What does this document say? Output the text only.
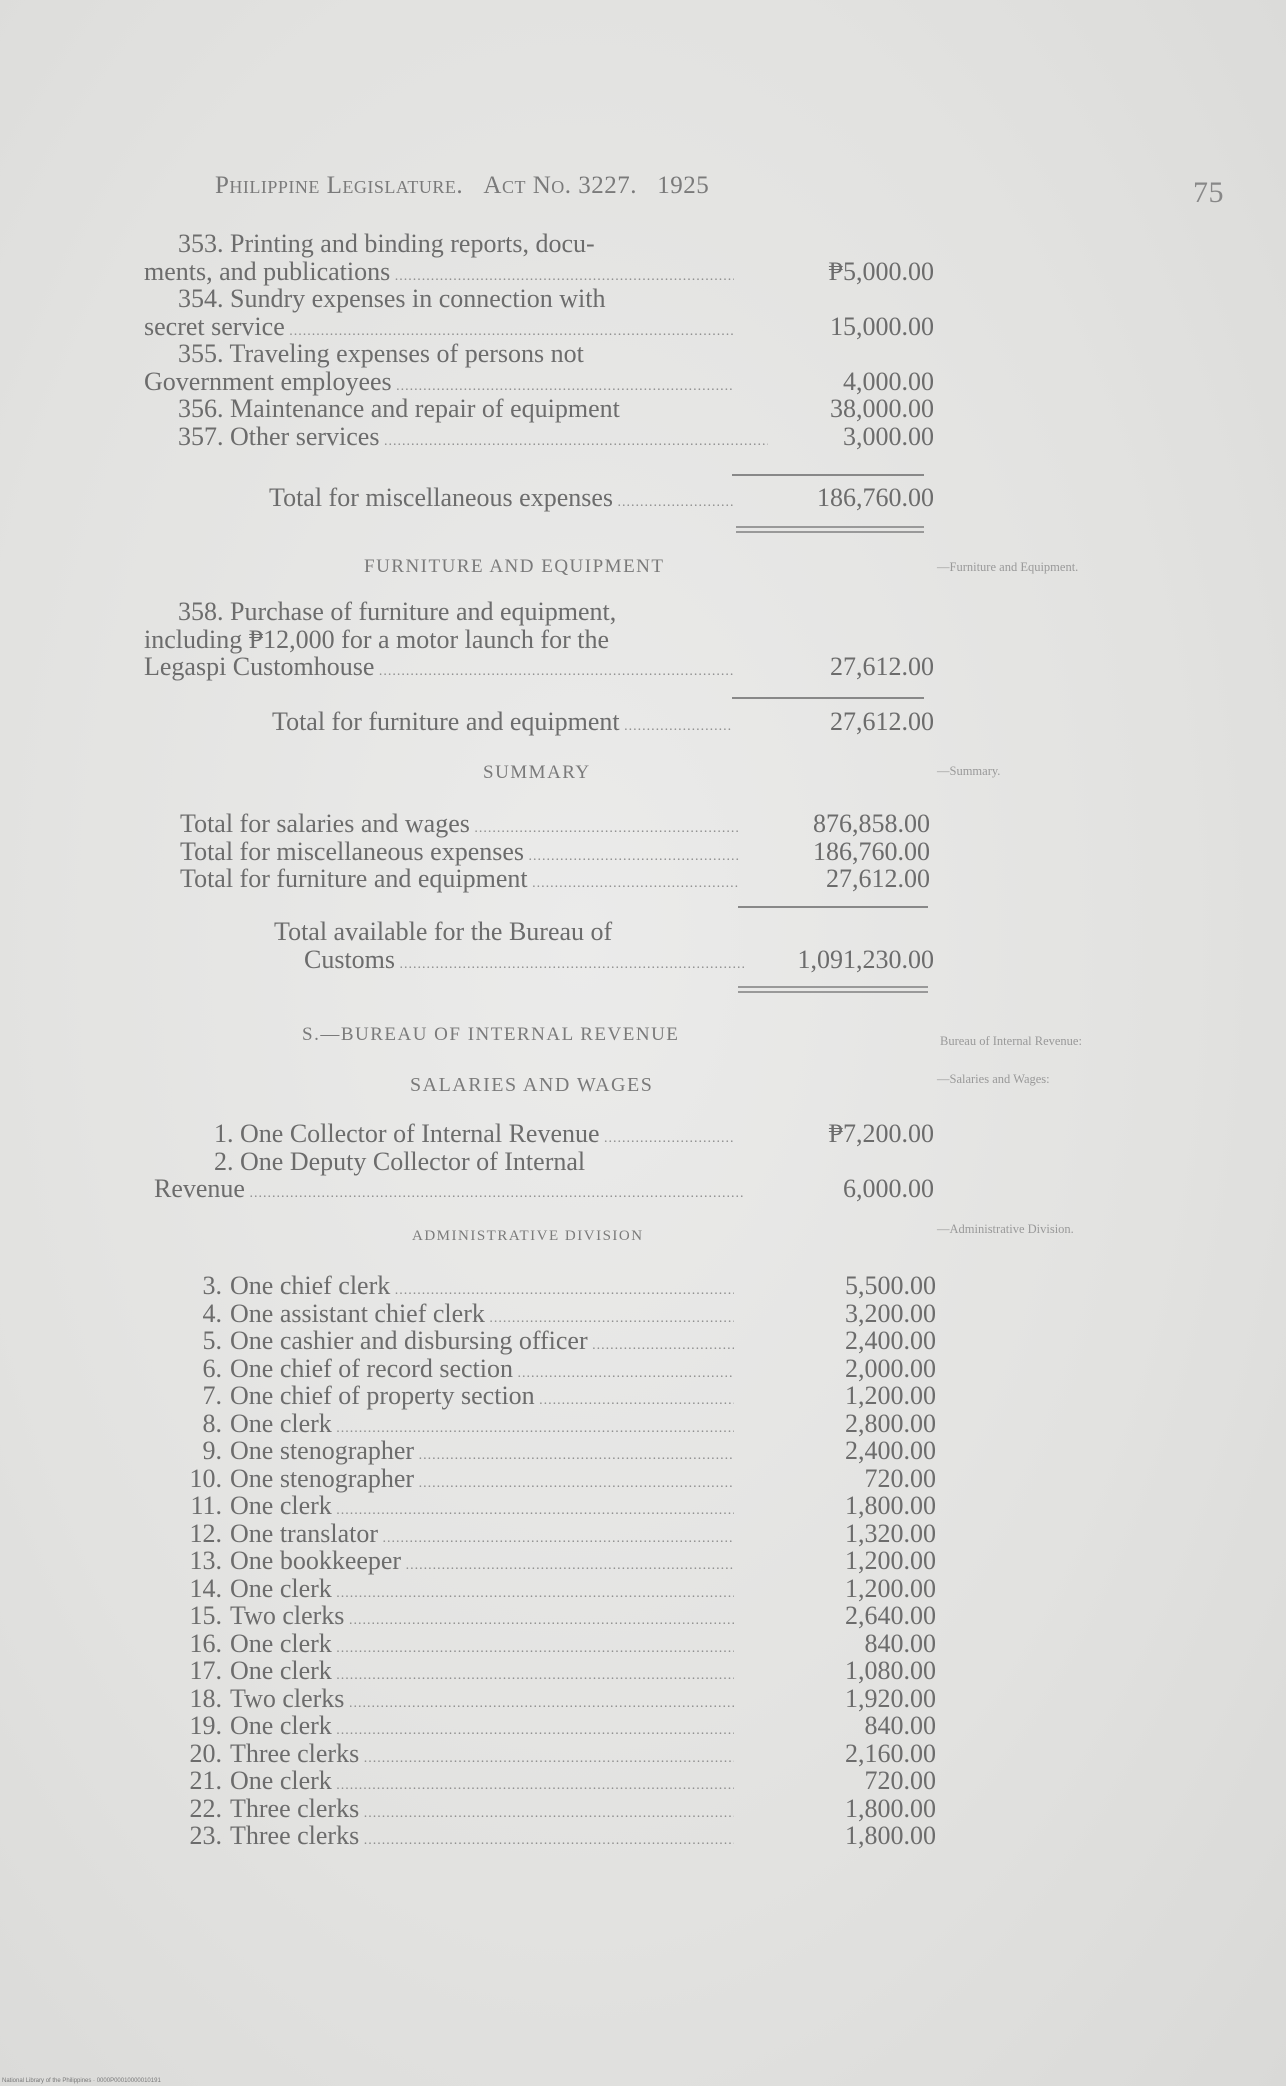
Philippine Legislature. Act No. 3227. 1925	75
353. Printing and binding reports, docu-
ments, and publications .....	₱5,000.00
354. Sundry expenses in connection with
secret service .....	15,000.00
355. Traveling expenses of persons not
Government employees .....	4,000.00
356. Maintenance and repair of equipment	38,000.00
357. Other services .....	3,000.00
Total for miscellaneous expenses .....	186,760.00
FURNITURE AND EQUIPMENT	—Furniture and Equipment.
358. Purchase of furniture and equipment,
including ₱12,000 for a motor launch for the
Legaspi Customhouse .....	27,612.00
Total for furniture and equipment .....	27,612.00
SUMMARY	—Summary.
Total for salaries and wages .....	876,858.00
Total for miscellaneous expenses .....	186,760.00
Total for furniture and equipment .....	27,612.00
Total available for the Bureau of
Customs .....	1,091,230.00
S.—BUREAU OF INTERNAL REVENUE	Bureau of Internal Revenue:
—Salaries and Wages:
SALARIES AND WAGES
1. One Collector of Internal Revenue .....	₱7,200.00
2. One Deputy Collector of Internal
Revenue .....	6,000.00
ADMINISTRATIVE DIVISION	—Administrative Division.
3. One chief clerk .....	5,500.00
4. One assistant chief clerk .....	3,200.00
5. One cashier and disbursing officer .....	2,400.00
6. One chief of record section .....	2,000.00
7. One chief of property section .....	1,200.00
8. One clerk .....	2,800.00
9. One stenographer .....	2,400.00
10. One stenographer .....	720.00
11. One clerk .....	1,800.00
12. One translator .....	1,320.00
13. One bookkeeper .....	1,200.00
14. One clerk .....	1,200.00
15. Two clerks .....	2,640.00
16. One clerk .....	840.00
17. One clerk .....	1,080.00
18. Two clerks .....	1,920.00
19. One clerk .....	840.00
20. Three clerks .....	2,160.00
21. One clerk .....	720.00
22. Three clerks .....	1,800.00
23. Three clerks .....	1,800.00
National Library of the Philippines · 0000P00010000010191
